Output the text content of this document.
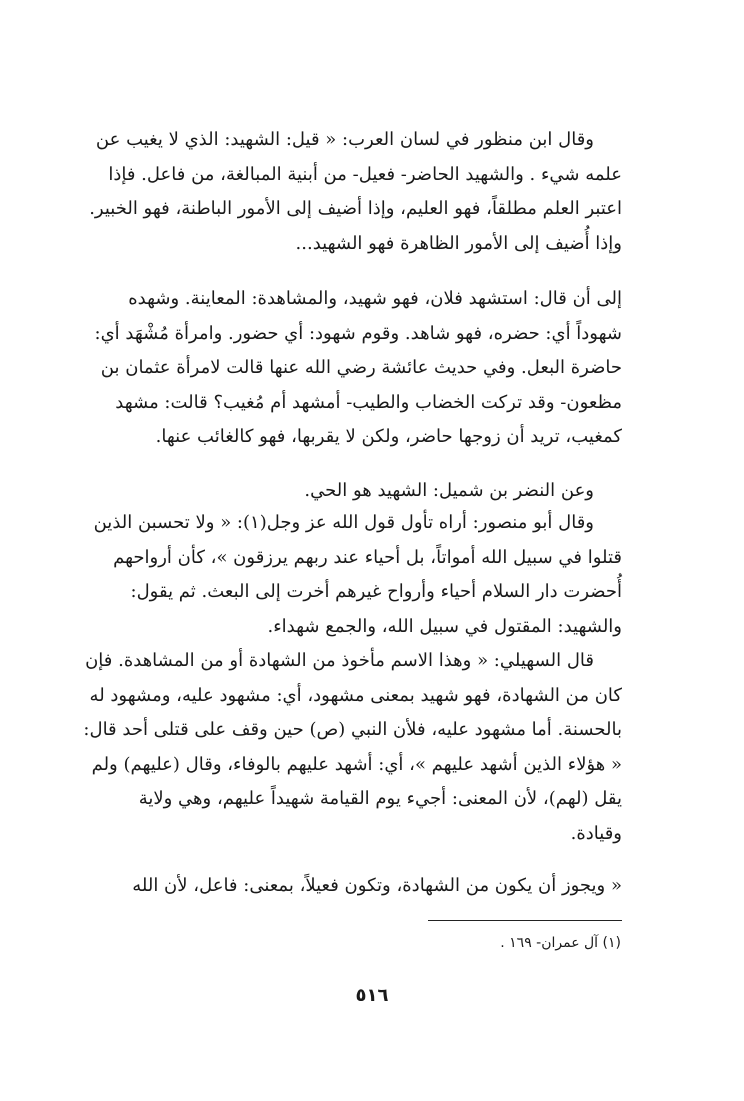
وقال ابن منظور في لسان العرب: « قيل: الشهيد: الذي لا يغيب عن
علمه شيء . والشهيد الحاضر- فعيل- من أبنية المبالغة، من فاعل. فإذا
اعتبر العلم مطلقاً، فهو العليم، وإذا أضيف إلى الأمور الباطنة، فهو الخبير.
وإذا أُضيف إلى الأمور الظاهرة فهو الشهيد...
إلى أن قال: استشهد فلان، فهو شهيد، والمشاهدة: المعاينة. وشهده
شهوداً أي: حضره، فهو شاهد. وقوم شهود: أي حضور. وامرأة مُشْهَد أي:
حاضرة البعل. وفي حديث عائشة رضي الله عنها قالت لامرأة عثمان بن
مظعون- وقد تركت الخضاب والطيب- أمشهد أم مُغيب؟ قالت: مشهد
كمغيب، تريد أن زوجها حاضر، ولكن لا يقربها، فهو كالغائب عنها.
وعن النضر بن شميل: الشهيد هو الحي.
وقال أبو منصور: أراه تأول قول الله عز وجل(١): « ولا تحسبن الذين
قتلوا في سبيل الله أمواتاً، بل أحياء عند ربهم يرزقون »، كأن أرواحهم
أُحضرت دار السلام أحياء وأرواح غيرهم أخرت إلى البعث. ثم يقول:
والشهيد: المقتول في سبيل الله، والجمع شهداء.
قال السهيلي: « وهذا الاسم مأخوذ من الشهادة أو من المشاهدة. فإن
كان من الشهادة، فهو شهيد بمعنى مشهود، أي: مشهود عليه، ومشهود له
بالحسنة. أما مشهود عليه، فلأن النبي (ص) حين وقف على قتلى أحد قال:
« هؤلاء الذين أشهد عليهم »، أي: أشهد عليهم بالوفاء، وقال (عليهم) ولم
يقل (لهم)، لأن المعنى: أجيء يوم القيامة شهيداً عليهم، وهي ولاية
وقيادة.
« ويجوز أن يكون من الشهادة، وتكون فعيلاً، بمعنى: فاعل، لأن الله
(١) آل عمران- ١٦٩ .
٥١٦
